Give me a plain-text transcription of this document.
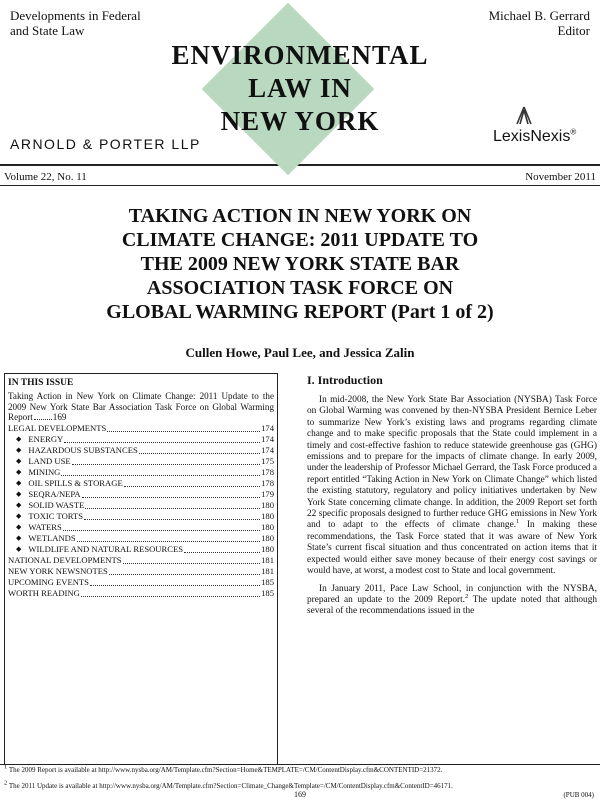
Developments in Federal
and State Law
Michael B. Gerrard
Editor
ENVIRONMENTAL
LAW IN
NEW YORK
ARNOLD & PORTER LLP	LexisNexis®
Volume 22, No. 11	November 2011
TAKING ACTION IN NEW YORK ON
CLIMATE CHANGE: 2011 UPDATE TO
THE 2009 NEW YORK STATE BAR
ASSOCIATION TASK FORCE ON
GLOBAL WARMING REPORT (Part 1 of 2)
Cullen Howe, Paul Lee, and Jessica Zalin
IN THIS ISSUE
Taking Action in New York on Climate Change: 2011 Update to the 2009 New York State Bar Association Task Force on Global Warming Report 169
LEGAL DEVELOPMENTS	174
◆ ENERGY	174
◆ HAZARDOUS SUBSTANCES	174
◆ LAND USE	175
◆ MINING	178
◆ OIL SPILLS & STORAGE	178
◆ SEQRA/NEPA	179
◆ SOLID WASTE	180
◆ TOXIC TORTS	180
◆ WATERS	180
◆ WETLANDS	180
◆ WILDLIFE AND NATURAL RESOURCES	180
NATIONAL DEVELOPMENTS	181
NEW YORK NEWSNOTES	181
UPCOMING EVENTS	185
WORTH READING	185
I. Introduction

In mid-2008, the New York State Bar Association (NYSBA) Task Force on Global Warming was convened by then-NYSBA President Bernice Leber to summarize New York’s existing laws and programs regarding climate change and to make specific proposals that the State could implement in a timely and cost-effective fashion to reduce statewide greenhouse gas (GHG) emissions and to prepare for the impacts of climate change. In early 2009, under the leadership of Professor Michael Gerrard, the Task Force produced a report entitled “Taking Action in New York on Climate Change” which listed the existing statutory, regulatory and policy initiatives undertaken by New York State concerning climate change. In addition, the 2009 Report set forth 22 specific proposals designed to further reduce GHG emissions in New York and to adapt to the effects of climate change.$^1$ In making these recommendations, the Task Force stated that it was aware of New York State’s current fiscal situation and thus concentrated on action items that it expected would either save money because of their energy cost savings or would have, at worst, a modest cost to State and local government.

In January 2011, Pace Law School, in conjunction with the NYSBA, prepared an update to the 2009 Report.$^2$ The update noted that although several of the recommendations issued in the

$^1$ The 2009 Report is available at http://www.nysba.org/AM/Template.cfm?Section=Home&TEMPLATE=/CM/ContentDisplay.cfm&CONTENTID=21372.
$^2$ The 2011 Update is available at http://www.nysba.org/AM/Template.cfm?Section=Climate_Change&Template=/CM/ContentDisplay.cfm&ContentID=46171.
169	(PUB 004)
